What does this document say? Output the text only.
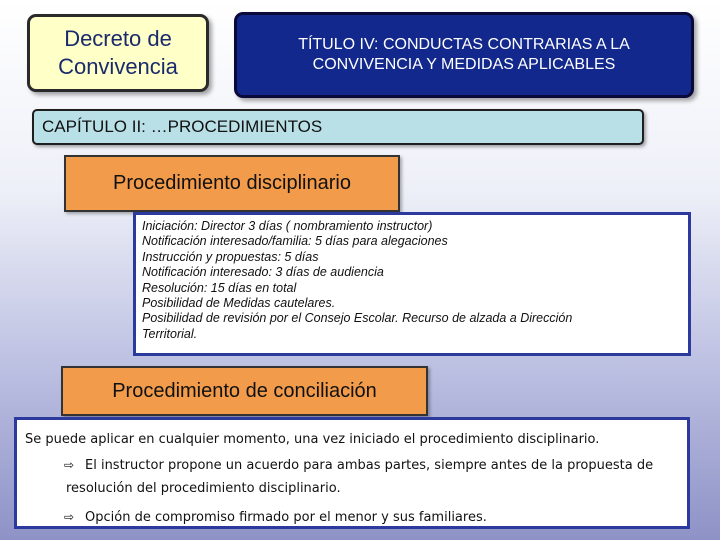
Decreto de
Convivencia
TÍTULO IV: CONDUCTAS CONTRARIAS A LA
CONVIVENCIA Y MEDIDAS APLICABLES
CAPÍTULO II: …PROCEDIMIENTOS
Procedimiento disciplinario
Iniciación: Director 3 días ( nombramiento instructor)
Notificación interesado/familia: 5 días para alegaciones
Instrucción y propuestas: 5 días
Notificación interesado: 3 días de audiencia
Resolución: 15 días en total
Posibilidad de Medidas cautelares.
Posibilidad de revisión por el Consejo Escolar. Recurso de alzada a Dirección
Territorial.
Procedimiento de conciliación
Se puede aplicar en cualquier momento, una vez iniciado el procedimiento disciplinario.
⇨ El instructor propone un acuerdo para ambas partes, siempre antes de la propuesta de resolución del procedimiento disciplinario.
⇨ Opción de compromiso firmado por el menor y sus familiares.
